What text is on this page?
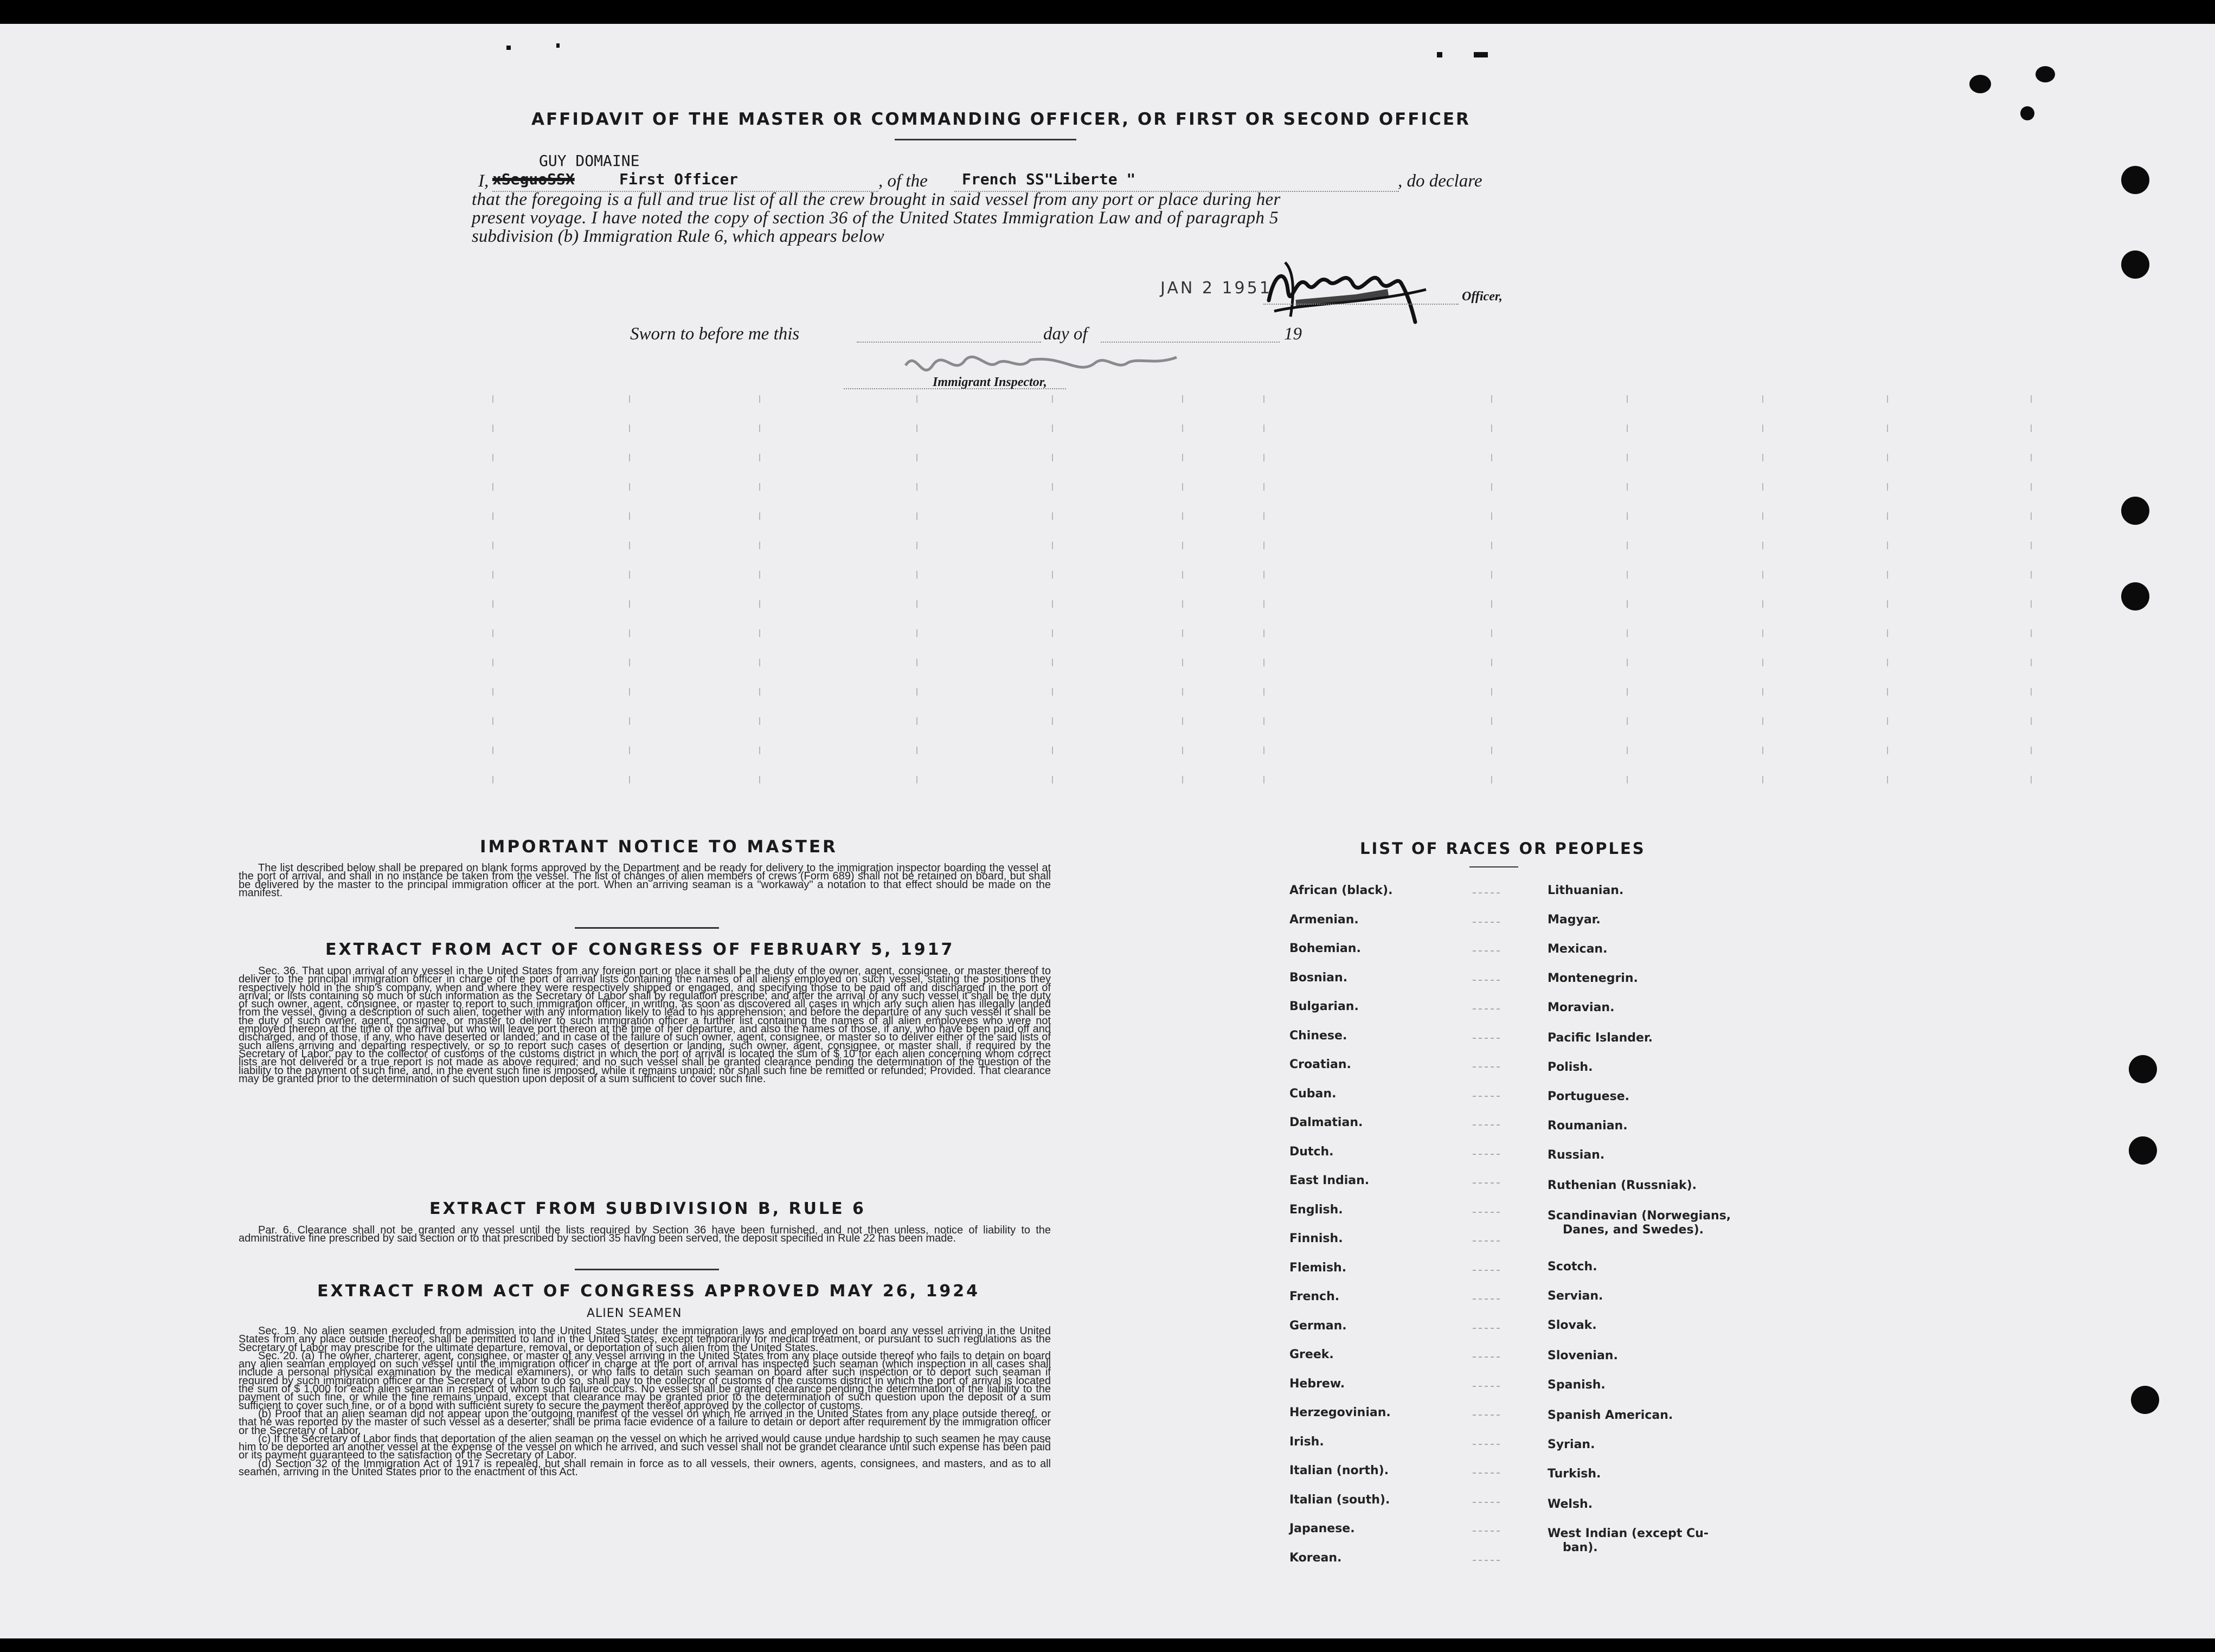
AFFIDAVIT OF THE MASTER OR COMMANDING OFFICER, OR FIRST OR SECOND OFFICER
GUY DOMAINE
I, xSeguoSSX	First Officer	, of the French SS"Liberte "	, do declare
that the foregoing is a full and true list of all the crew brought in said vessel from any port or place during her
present voyage. I have noted the copy of section 36 of the United States Immigration Law and of paragraph 5
subdivision (b) Immigration Rule 6, which appears below
JAN 2 1951	Officer,
Sworn to before me this	day of	19
Immigrant Inspector,
IMPORTANT NOTICE TO MASTER

The list described below shall be prepared on blank forms approved by the Department and be ready for delivery to the immigration inspector boarding the vessel at the port of arrival, and shall in no instance be taken from the vessel. The list of changes of alien members of crews (Form 689) shall not be retained on board, but shall be delivered by the master to the principal immigration officer at the port. When an arriving seaman is a "workaway" a notation to that effect should be made on the manifest.

EXTRACT FROM ACT OF CONGRESS OF FEBRUARY 5, 1917

Sec. 36. That upon arrival of any vessel in the United States from any foreign port or place it shall be the duty of the owner, agent, consignee, or master thereof to deliver to the principal immigration officer in charge of the port of arrival lists containing the names of all aliens employed on such vessel, stating the positions they respectively hold in the ship's company, when and where they were respectively shipped or engaged, and specifying those to be paid off and discharged in the port of arrival; or lists containing so much of such information as the Secretary of Labor shall by regulation prescribe; and after the arrival of any such vessel it shall be the duty of such owner, agent, consignee, or master to report to such immigration officer, in writing, as soon as discovered all cases in which any such alien has illegally landed from the vessel, giving a description of such alien, together with any information likely to lead to his apprehension; and before the departure of any such vessel it shall be the duty of such owner, agent, consignee, or master to deliver to such immigration officer a further list containing the names of all alien employees who were not employed thereon at the time of the arrival but who will leave port thereon at the time of her departure, and also the names of those, if any, who have been paid off and discharged, and of those, if any, who have deserted or landed; and in case of the failure of such owner, agent, consignee, or master so to deliver either of the said lists of such aliens arriving and departing respectively, or so to report such cases of desertion or landing, such owner, agent, consignee, or master shall, if required by the Secretary of Labor, pay to the collector of customs of the customs district in which the port of arrival is located the sum of $ 10 for each alien concerning whom correct lists are not delivered or a true report is not made as above required; and no such vessel shall be granted clearance pending the determination of the question of the liability to the payment of such fine, and, in the event such fine is imposed, while it remains unpaid; nor shall such fine be remitted or refunded; Provided. That clearance may be granted prior to the determination of such question upon deposit of a sum sufficient to cover such fine.

EXTRACT FROM SUBDIVISION B, RULE 6

Par. 6. Clearance shall not be granted any vessel until the lists required by Section 36 have been furnished, and not then unless, notice of liability to the administrative fine prescribed by said section or to that prescribed by section 35 having been served, the deposit specified in Rule 22 has been made.

EXTRACT FROM ACT OF CONGRESS APPROVED MAY 26, 1924
ALIEN SEAMEN

Sec. 19. No alien seamen excluded from admission into the United States under the immigration laws and employed on board any vessel arriving in the United States from any place outside thereof, shall be permitted to land in the United States, except temporarily for medical treatment, or pursuant to such regulations as the Secretary of Labor may prescribe for the ultimate departure, removal, or deportation of such alien from the United States.

Sec. 20. (a) The owner, charterer, agent, consignee, or master of any vessel arriving in the United States from any place outside thereof who fails to detain on board any alien seaman employed on such vessel until the immigration officer in charge at the port of arrival has inspected such seaman (which inspection in all cases shall include a personal physical examination by the medical examiners), or who fails to detain such seaman on board after such inspection or to deport such seaman if required by such immigration officer or the Secretary of Labor to do so, shall pay to the collector of customs of the customs district in which the port of arrival is located the sum of $ 1,000 for each alien seaman in respect of whom such failure occurs. No vessel shall be granted clearance pending the determination of the liability to the payment of such fine, or while the fine remains unpaid, except that clearance may be granted prior to the determination of such question upon the deposit of a sum sufficient to cover such fine, or of a bond with sufficient surety to secure the payment thereof approved by the collector of customs.

(b) Proof that an alien seaman did not appear upon the outgoing manifest of the vessel on which he arrived in the United States from any place outside thereof, or that he was reported by the master of such vessel as a deserter, shall be prima facie evidence of a failure to detain or deport after requirement by the immigration officer or the Secretary of Labor.

(c) If the Secretary of Labor finds that deportation of the alien seaman on the vessel on which he arrived would cause undue hardship to such seamen he may cause him to be deported an another vessel at the expense of the vessel on which he arrived, and such vessel shall not be grandet clearance until such expense has been paid or its payment guaranteed to the satisfaction of the Secretary of Labor.

(d) Section 32 of the Immigration Act of 1917 is repealed, but shall remain in force as to all vessels, their owners, agents, consignees, and masters, and as to all seamen, arriving in the United States prior to the enactment of this Act.

LIST OF RACES OR PEOPLES
African (black).
Armenian.
Bohemian.
Bosnian.
Bulgarian.
Chinese.
Croatian.
Cuban.
Dalmatian.
Dutch.
East Indian.
English.
Finnish.
Flemish.
French.
German.
Greek.
Hebrew.
Herzegovinian.
Irish.
Italian (north).
Italian (south).
Japanese.
Korean.
Lithuanian.
Magyar.
Mexican.
Montenegrin.
Moravian.
Pacific Islander.
Polish.
Portuguese.
Roumanian.
Russian.
Ruthenian (Russniak).
Scandinavian (Norwegians,
Danes, and Swedes).
Scotch.
Servian.
Slovak.
Slovenian.
Spanish.
Spanish American.
Syrian.
Turkish.
Welsh.
West Indian (except Cu-
ban).
